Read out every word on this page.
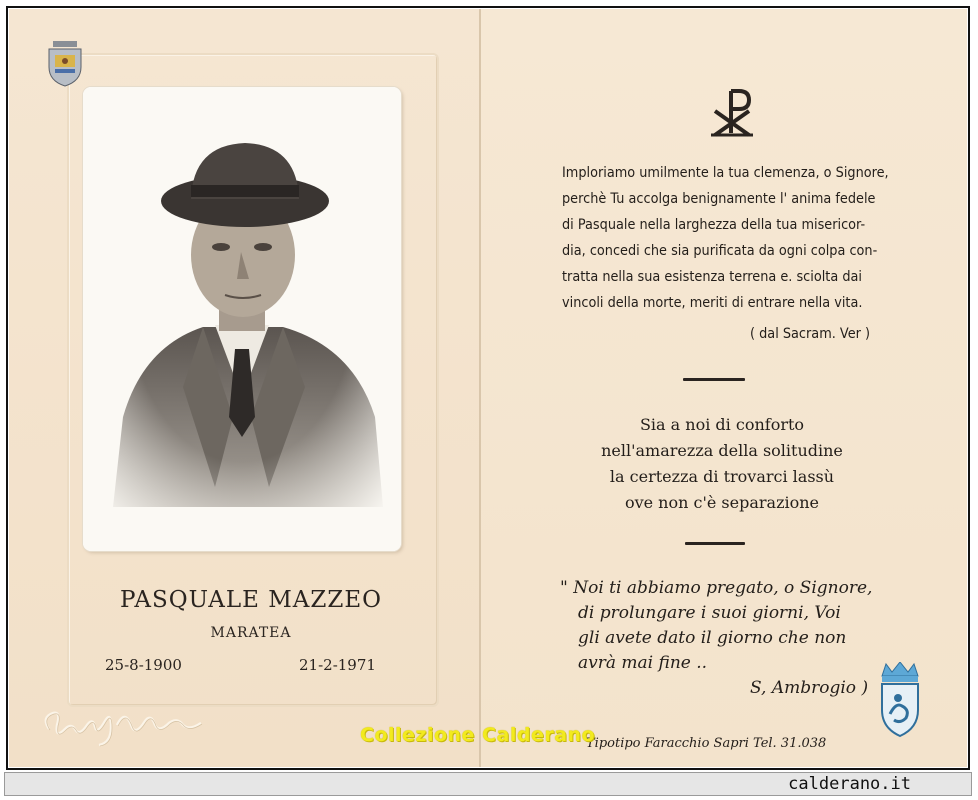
PASQUALE MAZZEO
MARATEA
25-8-1900	21-2-1971
Imploriamo umilmente la tua clemenza, o Signore,
perchè Tu accolga benignamente l' anima fedele
di Pasquale nella larghezza della tua misericor-
dia, concedi che sia purificata da ogni colpa con-
tratta nella sua esistenza terrena e. sciolta dai
vincoli della morte, meriti di entrare nella vita.
( dal Sacram. Ver )
Sia a noi di conforto
nell'amarezza della solitudine
la certezza di trovarci lassù
ove non c'è separazione
" Noi ti abbiamo pregato, o Signore,
di prolungare i suoi giorni, Voi
gli avete dato il giorno che non
avrà mai fine ..
S, Ambrogio )
Tipotipo Faracchio Sapri Tel. 31.038
Collezione Calderano
calderano.it
